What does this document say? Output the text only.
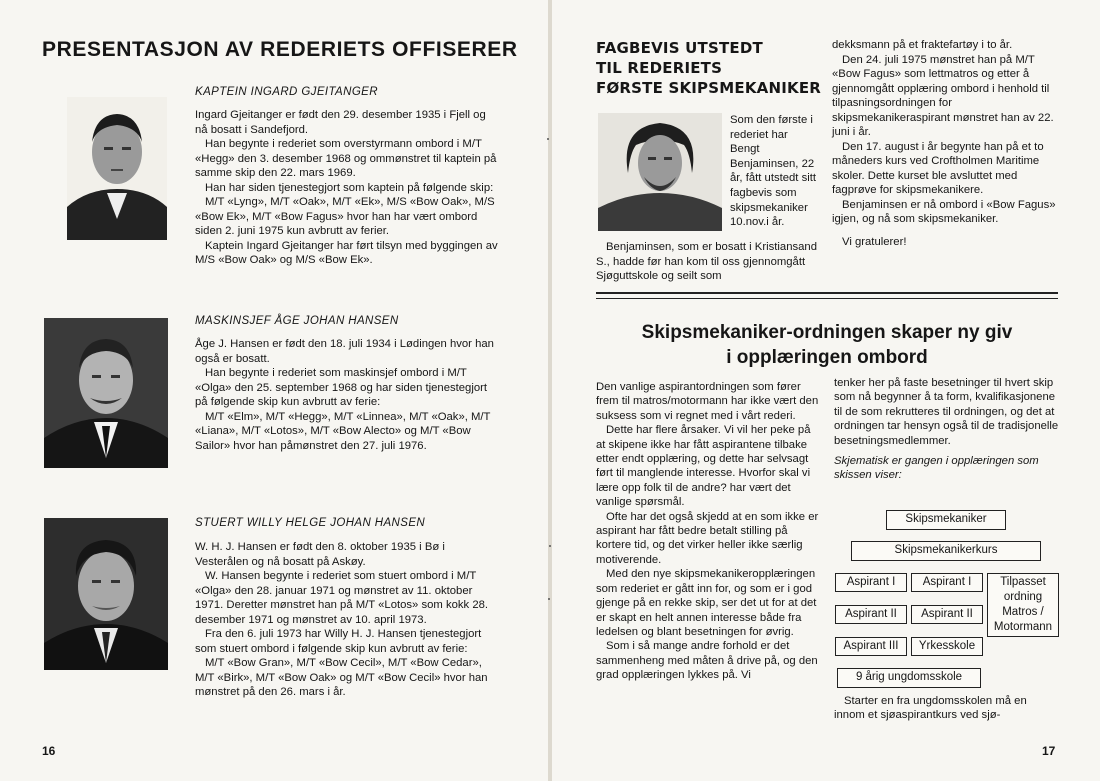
PRESENTASJON AV REDERIETS OFFISERER

KAPTEIN INGARD GJEITANGER

Ingard Gjeitanger er født den 29. desember 1935 i Fjell og nå bosatt i Sandefjord.

Han begynte i rederiet som overstyrmann ombord i M/T «Hegg» den 3. desember 1968 og ommønstret til kaptein på samme skip den 22. mars 1969.

Han har siden tjenestegjort som kaptein på følgende skip:

M/T «Lyng», M/T «Oak», M/T «Ek», M/S «Bow Oak», M/S «Bow Ek», M/T «Bow Fagus» hvor han har vært ombord siden 2. juni 1975 kun avbrutt av ferier.

Kaptein Ingard Gjeitanger har ført tilsyn med byggingen av M/S «Bow Oak» og M/S «Bow Ek».

MASKINSJEF ÅGE JOHAN HANSEN

Åge J. Hansen er født den 18. juli 1934 i Lødingen hvor han også er bosatt.

Han begynte i rederiet som maskinsjef ombord i M/T «Olga» den 25. september 1968 og har siden tjenestegjort på følgende skip kun avbrutt av ferie:

M/T «Elm», M/T «Hegg», M/T «Linnea», M/T «Oak», M/T «Liana», M/T «Lotos», M/T «Bow Alecto» og M/T «Bow Sailor» hvor han påmønstret den 27. juli 1976.

STUERT WILLY HELGE JOHAN HANSEN

W. H. J. Hansen er født den 8. oktober 1935 i Bø i Vesterålen og nå bosatt på Askøy.

W. Hansen begynte i rederiet som stuert ombord i M/T «Olga» den 28. januar 1971 og mønstret av 11. oktober 1971. Deretter mønstret han på M/T «Lotos» som kokk 28. desember 1971 og mønstret av 10. april 1973.

Fra den 6. juli 1973 har Willy H. J. Hansen tjenestegjort som stuert ombord i følgende skip kun avbrutt av ferie:

M/T «Bow Gran», M/T «Bow Cecil», M/T «Bow Cedar», M/T «Birk», M/T «Bow Oak» og M/T «Bow Cecil» hvor han mønstret på den 26. mars i år.

16
FAGBEVIS UTSTEDT
TIL REDERIETS
FØRSTE SKIPSMEKANIKER
Som den første i rederiet har Bengt Benjaminsen, 22 år, fått utstedt sitt fagbevis som skipsmekaniker 10.nov.i år.
Benjaminsen, som er bosatt i Kristiansand S., hadde før han kom til oss gjennomgått Sjøguttskole og seilt som

dekksmann på et fraktefartøy i to år.

Den 24. juli 1975 mønstret han på M/T «Bow Fagus» som lettmatros og etter å gjennomgått opplæring ombord i henhold til tilpasningsordningen for skipsmekanikeraspirant mønstret han av 22. juni i år.

Den 17. august i år begynte han på et to måneders kurs ved Croftholmen Maritime skoler. Dette kurset ble avsluttet med fagprøve for skipsmekanikere.

Benjaminsen er nå ombord i «Bow Fagus» igjen, og nå som skipsmekaniker.

Vi gratulerer!

Skipsmekaniker-ordningen skaper ny giv
i opplæringen ombord

Den vanlige aspirantordningen som fører frem til matros/motormann har ikke vært den suksess som vi regnet med i vårt rederi.

Dette har flere årsaker. Vi vil her peke på at skipene ikke har fått aspirantene tilbake etter endt opplæring, og dette har selvsagt ført til manglende interesse. Hvorfor skal vi lære opp folk til de andre? har vært det vanlige spørsmål.

Ofte har det også skjedd at en som ikke er aspirant har fått bedre betalt stilling på kortere tid, og det virker heller ikke særlig motiverende.

Med den nye skipsmekanikeropplæringen som rederiet er gått inn for, og som er i god gjenge på en rekke skip, ser det ut for at det er skapt en helt annen interesse både fra ledelsen og blant besetningen for øvrig.

Som i så mange andre forhold er det sammenheng med måten å drive på, og den grad opplæringen lykkes på. Vi

tenker her på faste besetninger til hvert skip som nå begynner å ta form, kvalifikasjonene til de som rekrutteres til ordningen, og det at ordningen tar hensyn også til de tradisjonelle besetningsmedlemmer.

Skjematisk er gangen i opplæringen som skissen viser:

Skipsmekaniker
Skipsmekanikerkurs
Aspirant I	Aspirant I	Tilpasset
ordning
Matros /
Motormann
Aspirant II	Aspirant II
Aspirant III	Yrkesskole
9 årig ungdomsskole
Starter en fra ungdomsskolen må en innom et sjøaspirantkurs ved sjø-
17
